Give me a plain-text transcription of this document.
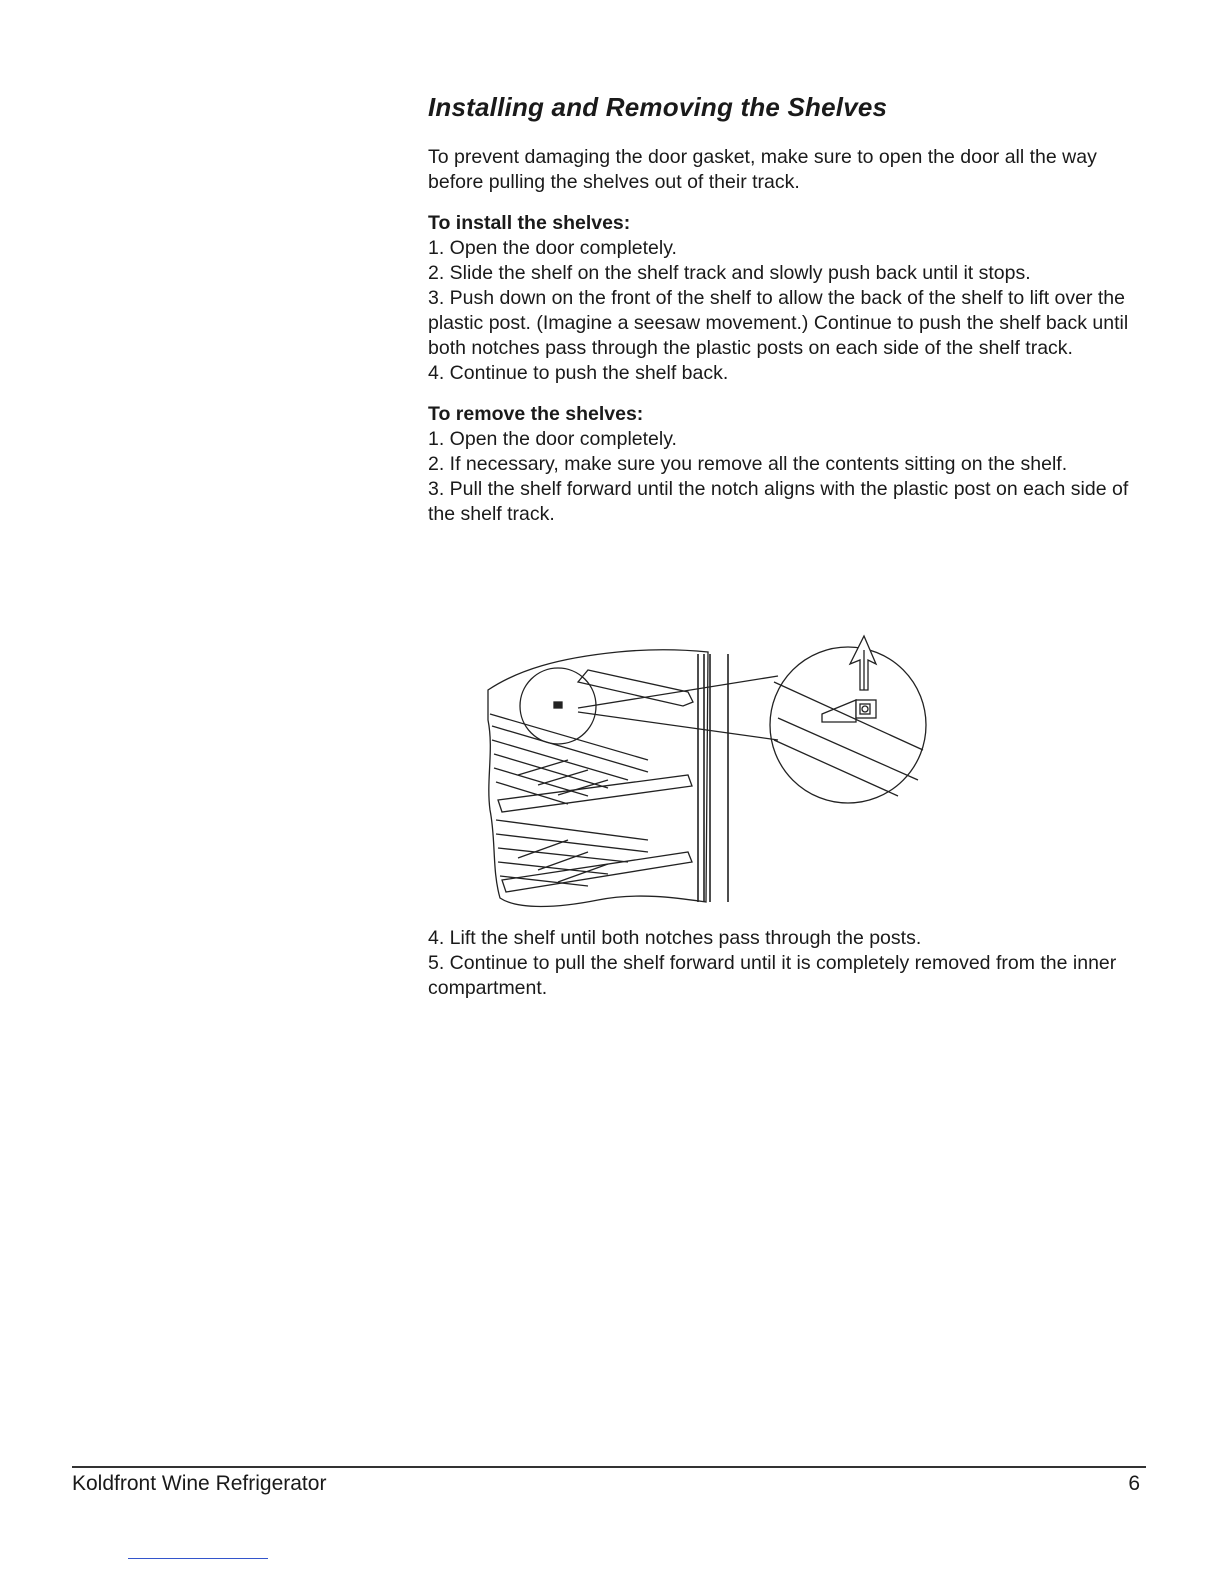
Installing and Removing the Shelves

To prevent damaging the door gasket, make sure to open the door all the way before pulling the shelves out of their track.

To install the shelves:

1. Open the door completely.
2. Slide the shelf on the shelf track and slowly push back until it stops.
3. Push down on the front of the shelf to allow the back of the shelf to lift over the plastic post. (Imagine a seesaw movement.) Continue to push the shelf back until both notches pass through the plastic posts on each side of the shelf track.
4. Continue to push the shelf back.

To remove the shelves:

1. Open the door completely.
2. If necessary, make sure you remove all the contents sitting on the shelf.
3. Pull the shelf forward until the notch aligns with the plastic post on each side of the shelf track.
4. Lift the shelf until both notches pass through the posts.
5. Continue to pull the shelf forward until it is completely removed from the inner compartment.
Koldfront Wine Refrigerator	6
